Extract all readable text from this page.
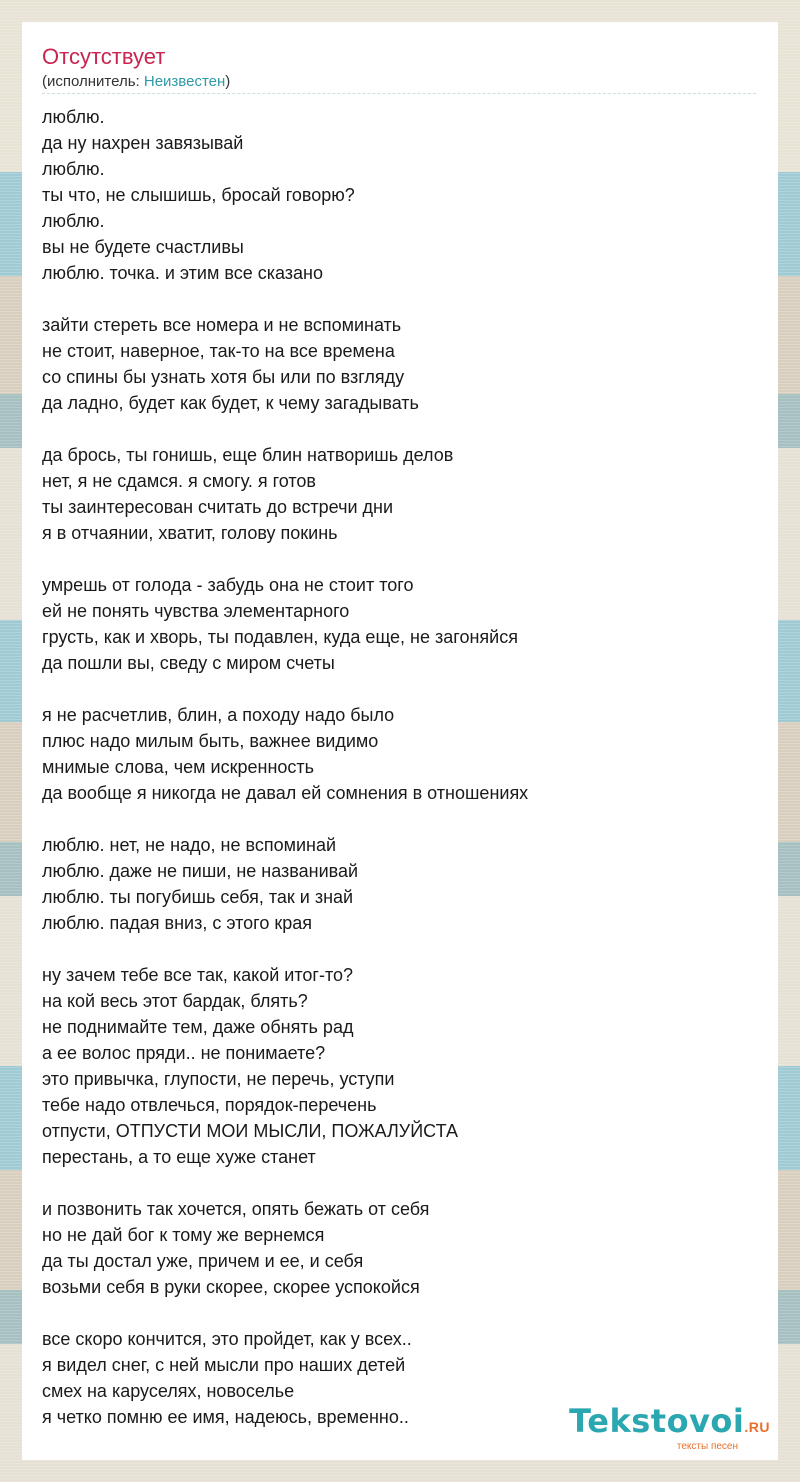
Отсутствует
(исполнитель: Неизвестен)
люблю.
да ну нахрен завязывай
люблю.
ты что, не слышишь, бросай говорю?
люблю.
вы не будете счастливы
люблю. точка. и этим все сказано
зайти стереть все номера и не вспоминать
не стоит, наверное, так-то на все времена
со спины бы узнать хотя бы или по взгляду
да ладно, будет как будет, к чему загадывать
да брось, ты гонишь, еще блин натворишь делов
нет, я не сдамся. я смогу. я готов
ты заинтересован считать до встречи дни
я в отчаянии, хватит, голову покинь
умрешь от голода - забудь она не стоит того
ей не понять чувства элементарного
грусть, как и хворь, ты подавлен, куда еще, не загоняйся
да пошли вы, сведу с миром счеты
я не расчетлив, блин, а походу надо было
плюс надо милым быть, важнее видимо
мнимые слова, чем искренность
да вообще я никогда не давал ей сомнения в отношениях
люблю. нет, не надо, не вспоминай
люблю. даже не пиши, не названивай
люблю. ты погубишь себя, так и знай
люблю. падая вниз, с этого края
ну зачем тебе все так, какой итог-то?
на кой весь этот бардак, блять?
не поднимайте тем, даже обнять рад
а ее волос пряди.. не понимаете?
это привычка, глупости, не перечь, уступи
тебе надо отвлечься, порядок-перечень
отпусти, ОТПУСТИ МОИ МЫСЛИ, ПОЖАЛУЙСТА
перестань, а то еще хуже станет
и позвонить так хочется, опять бежать от себя
но не дай бог к тому же вернемся
да ты достал уже, причем и ее, и себя
возьми себя в руки скорее, скорее успокойся
все скоро кончится, это пройдет, как у всех..
я видел снег, с ней мысли про наших детей
смех на каруселях, новоселье
я четко помню ее имя, надеюсь, временно..	Tekstovoi.RU
тексты песен
